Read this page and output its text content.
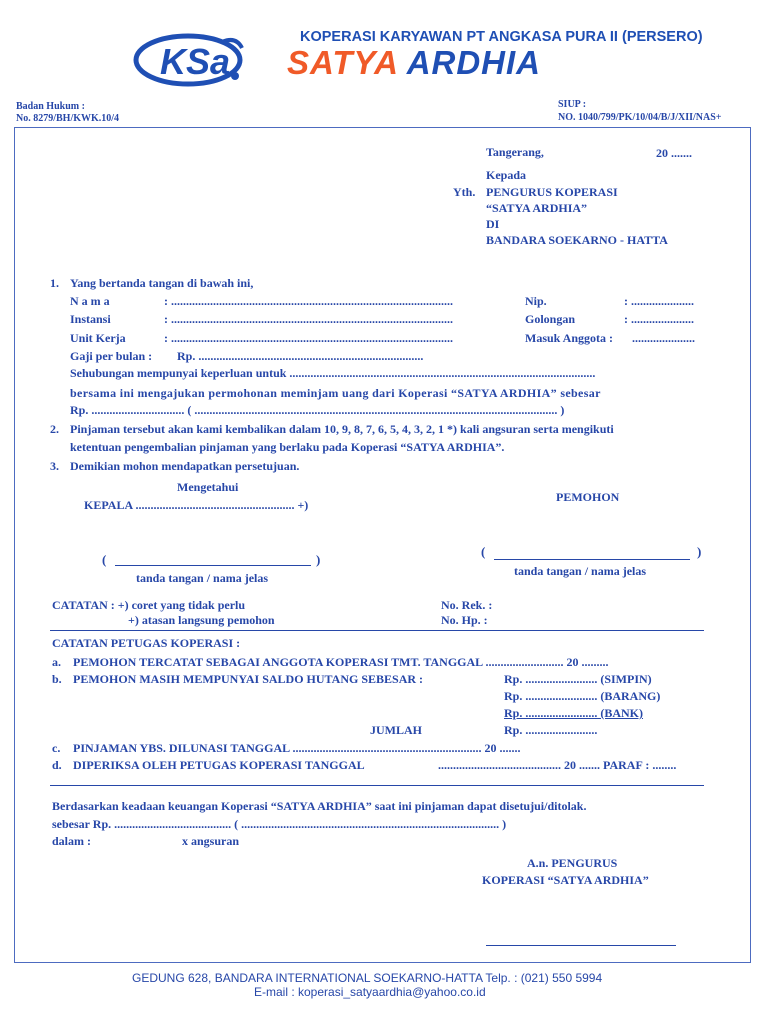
KSa
KOPERASI KARYAWAN PT ANGKASA PURA II (PERSERO)
SATYA ARDHIA
Badan Hukum :
No. 8279/BH/KWK.10/4
SIUP :
NO. 1040/799/PK/10/04/B/J/XII/NAS+
Tangerang,	20 .......
Kepada
Yth. PENGURUS KOPERASI
“SATYA ARDHIA”
DI
BANDARA SOEKARNO - HATTA
1. Yang bertanda tangan di bawah ini,
N a m a	: ..............................................................................................	Nip.	: .....................
Instansi	: ..............................................................................................	Golongan	: .....................
Unit Kerja	: ..............................................................................................	Masuk Anggota : .....................
Gaji per bulan : Rp. ...........................................................................
Sehubungan mempunyai keperluan untuk ......................................................................................................
bersama ini mengajukan permohonan meminjam uang dari Koperasi “SATYA ARDHIA” sebesar
Rp. ............................... ( ......................................................................................................................... )
2. Pinjaman tersebut akan kami kembalikan dalam 10, 9, 8, 7, 6, 5, 4, 3, 2, 1 *) kali angsuran serta mengikuti
ketentuan pengembalian pinjaman yang berlaku pada Koperasi “SATYA ARDHIA”.
3. Demikian mohon mendapatkan persetujuan.
Mengetahui
KEPALA ..................................................... +)
PEMOHON
(	)
tanda tangan / nama jelas
(	)
tanda tangan / nama jelas
CATATAN : +) coret yang tidak perlu
+) atasan langsung pemohon
No. Rek. :
No. Hp. :
CATATAN PETUGAS KOPERASI :
a. PEMOHON TERCATAT SEBAGAI ANGGOTA KOPERASI TMT. TANGGAL .......................... 20 .........
b. PEMOHON MASIH MEMPUNYAI SALDO HUTANG SEBESAR :	Rp. ........................ (SIMPIN)
Rp. ........................ (BARANG)
Rp. ........................ (BANK)
JUMLAH	Rp. ........................
c. PINJAMAN YBS. DILUNASI TANGGAL ............................................................... 20 .......
d. DIPERIKSA OLEH PETUGAS KOPERASI TANGGAL	......................................... 20 ....... PARAF : ........
Berdasarkan keadaan keuangan Koperasi “SATYA ARDHIA” saat ini pinjaman dapat disetujui/ditolak.
sebesar Rp. ....................................... ( ...................................................................................... )
dalam :	x angsuran
A.n. PENGURUS
KOPERASI “SATYA ARDHIA”
GEDUNG 628, BANDARA INTERNATIONAL SOEKARNO-HATTA Telp. : (021) 550 5994
E-mail : koperasi_satyaardhia@yahoo.co.id
